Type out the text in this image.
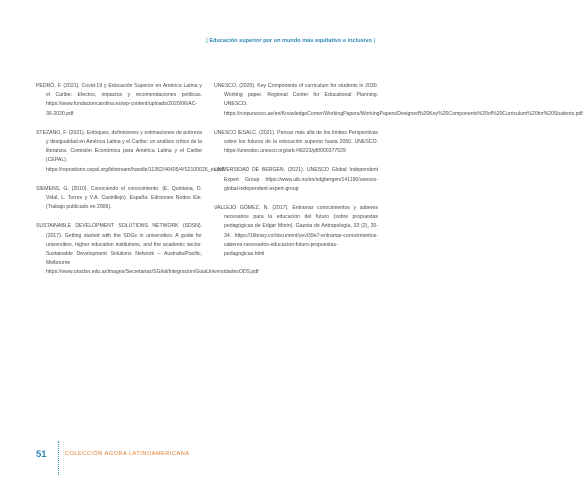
[ Educación superior por un mundo más equitativo e inclusivo ]

PEDRÓ, F. (2021). Covid-19 y Educación Superior en América Latina y el Caribe: Efectos, impactos y recomendaciones políticas. https://www.fundacioncarolina.es/wp-content/uploads/2020/06/AC-36-2020.pdf

STEZANO, F. (2021). Enfoques, definiciones y estimaciones de pobreza y desigualdad en América Latina y el Caribe: un análisis crítico de la literatura. Comisión Económica para América Latina y el Caribe (CEPAL). https://repositorio.cepal.org/bitstream/handle/11362/46405/4/S2100026_es.pdf

SIEMENS, G. (2010). Conociendo el conocimiento. (E. Quintana, D. Vidal, L. Torres y V.A. Castrillejo). España: Ediciones Nodos Ele. (Trabajo publicado en 2006).

SUSTAINABLE DEVELOPMENT SOLUTIONS NETWORK (SDSN). (2017). Getting started with the SDGs in universities: A guide for universities, higher education institutions, and the academic sector. Sustainable Development Solutions Network – Australia/Pacific, Melbourne https://www.unsdsn.edu.ar/images/Secretarias/SG/ial/Integracion/GuiaUniversidadesODS.pdf

UNESCO. (2020). Key Components of curriculum for students in 2030. Working paper. Regional Center for Educational Planning. UNESCO. https://rcepunesco.ae/en/KnowledgeCorner/WorkingPapers/WorkingPapers/Designed%20Key%20Components%20of%20Curriculum%20for%20Students.pdf

UNESCO IESALC. (2021). Pensar más allá de los límites Perspectivas sobre los futuros de la educación superior hasta 2050. UNESCO. https://unesdoc.unesco.org/ark:/48223/pf0000377529

UNIVERSIDAD DE BERGEN. (2021). UNESCO Global Independent Expert Group https://www.uib.no/en/sdgbergen/141190/unesco-global-independent-expert-group

VALLEJO GÓMEZ, N. (2017). Entramar conocimientos y saberes necesarios para la educación del futuro (sobre propuestas pedagógicas de Edgar Morin). Gazeta de Antropología, 33 (2), 20-34. https://1library.co/document/yevl39e7-entramar-conocimientos-saberes-necesarios-educacion-futuro-propuestas-pedagogicas.html

51	COLECCIÓN AGORA LATINOAMERICANA
